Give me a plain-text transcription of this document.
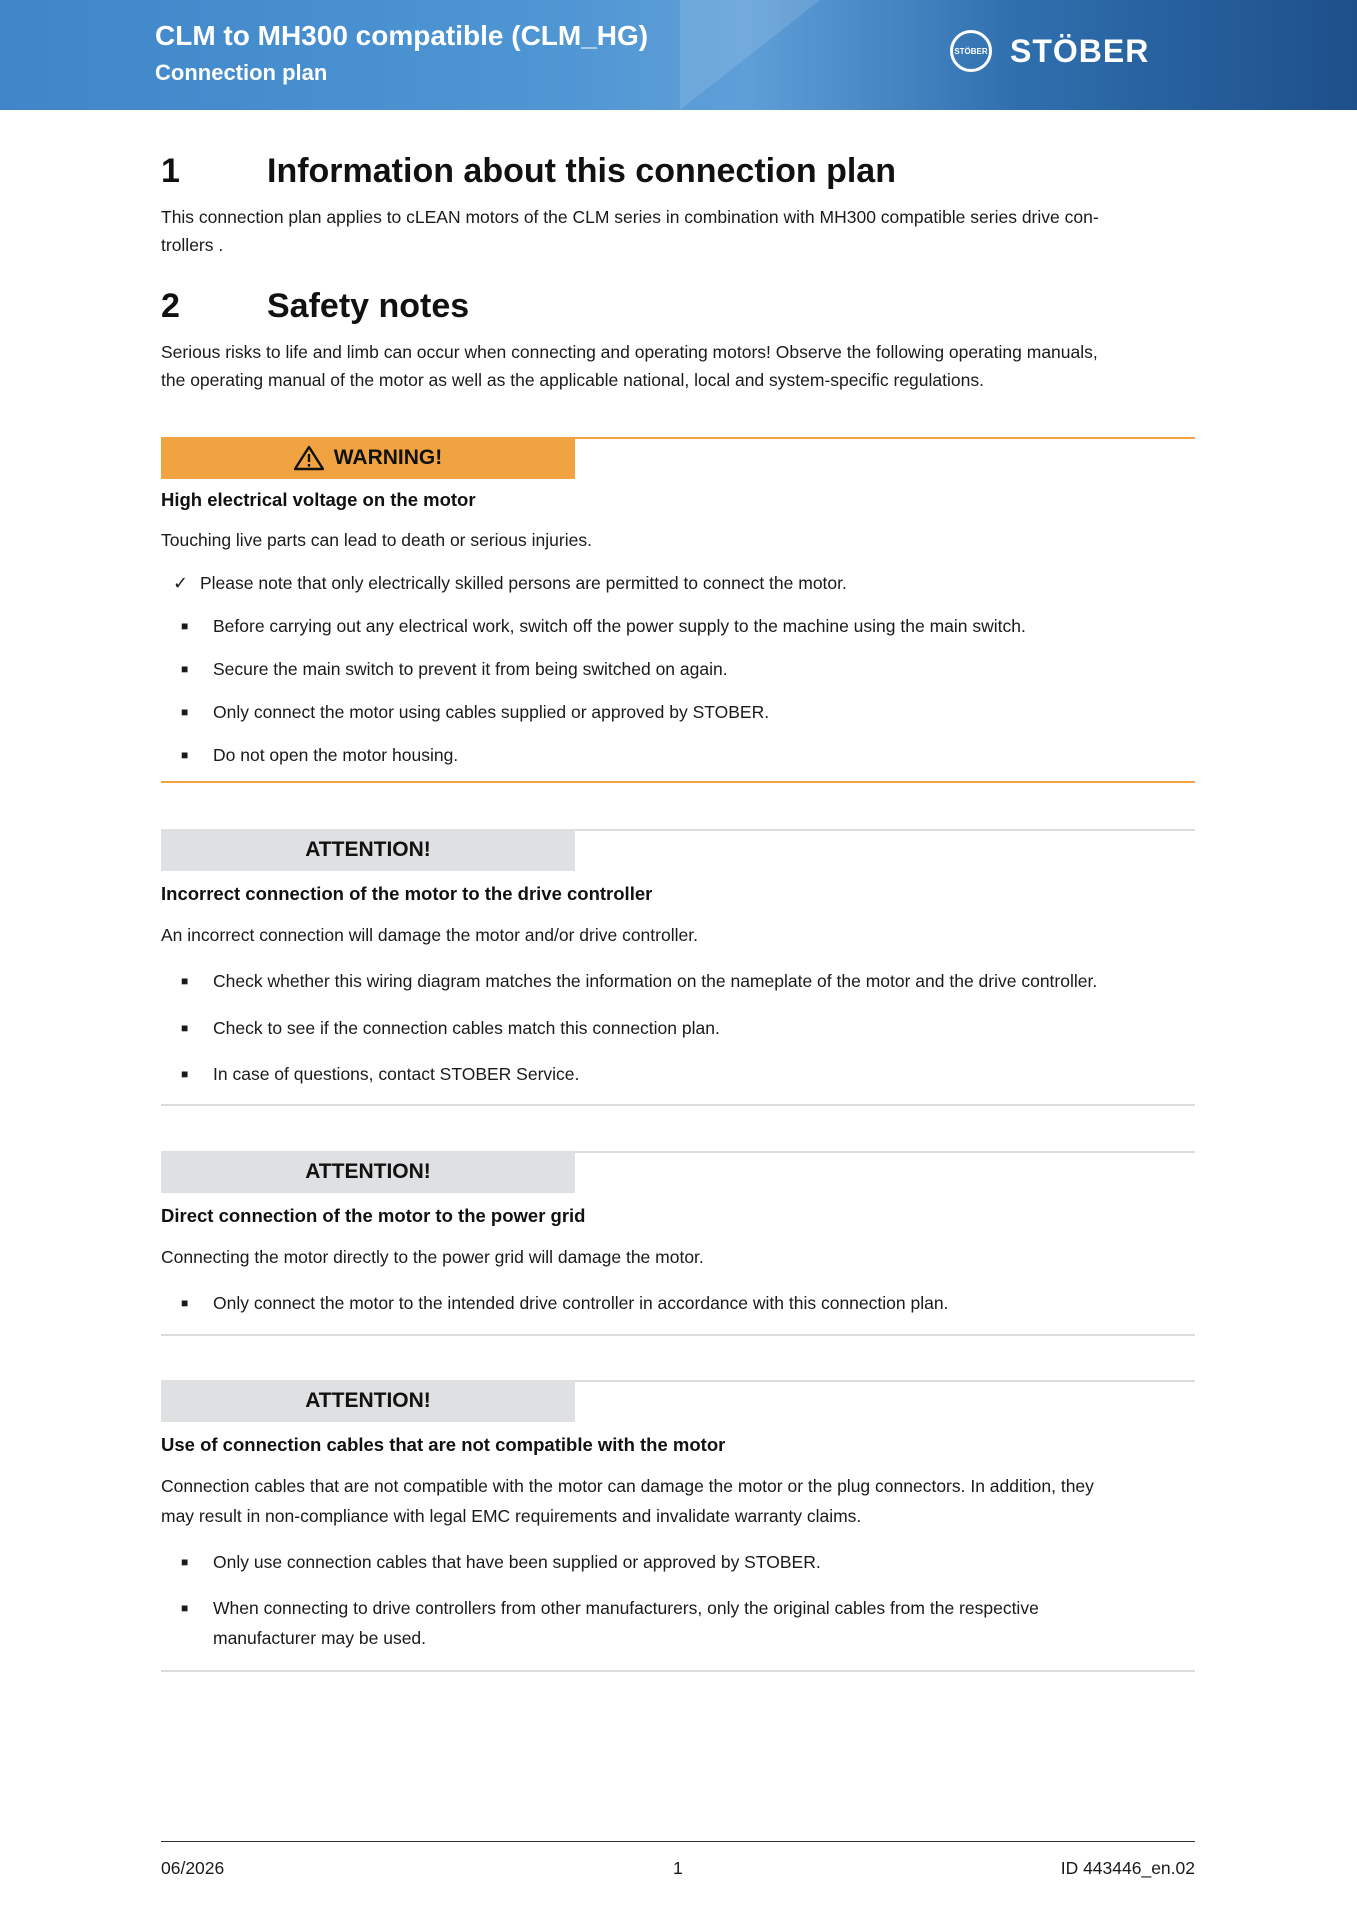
CLM to MH300 compatible (CLM_HG)
Connection plan
STÖBER STÖBER
1	Information about this connection plan
This connection plan applies to cLEAN motors of the CLM series in combination with MH300 compatible series drive con-
trollers .
2	Safety notes
Serious risks to life and limb can occur when connecting and operating motors! Observe the following operating manuals,
the operating manual of the motor as well as the applicable national, local and system-specific regulations.
WARNING!
High electrical voltage on the motor
Touching live parts can lead to death or serious injuries.
✓ Please note that only electrically skilled persons are permitted to connect the motor.
■ Before carrying out any electrical work, switch off the power supply to the machine using the main switch.
■ Secure the main switch to prevent it from being switched on again.
■ Only connect the motor using cables supplied or approved by STOBER.
■ Do not open the motor housing.
ATTENTION!
Incorrect connection of the motor to the drive controller
An incorrect connection will damage the motor and/or drive controller.
■ Check whether this wiring diagram matches the information on the nameplate of the motor and the drive controller.
■ Check to see if the connection cables match this connection plan.
■ In case of questions, contact STOBER Service.
ATTENTION!
Direct connection of the motor to the power grid
Connecting the motor directly to the power grid will damage the motor.
■ Only connect the motor to the intended drive controller in accordance with this connection plan.
ATTENTION!
Use of connection cables that are not compatible with the motor
Connection cables that are not compatible with the motor can damage the motor or the plug connectors. In addition, they
may result in non-compliance with legal EMC requirements and invalidate warranty claims.
■ Only use connection cables that have been supplied or approved by STOBER.
■ When connecting to drive controllers from other manufacturers, only the original cables from the respective
manufacturer may be used.
06/2026	1	ID 443446_en.02
